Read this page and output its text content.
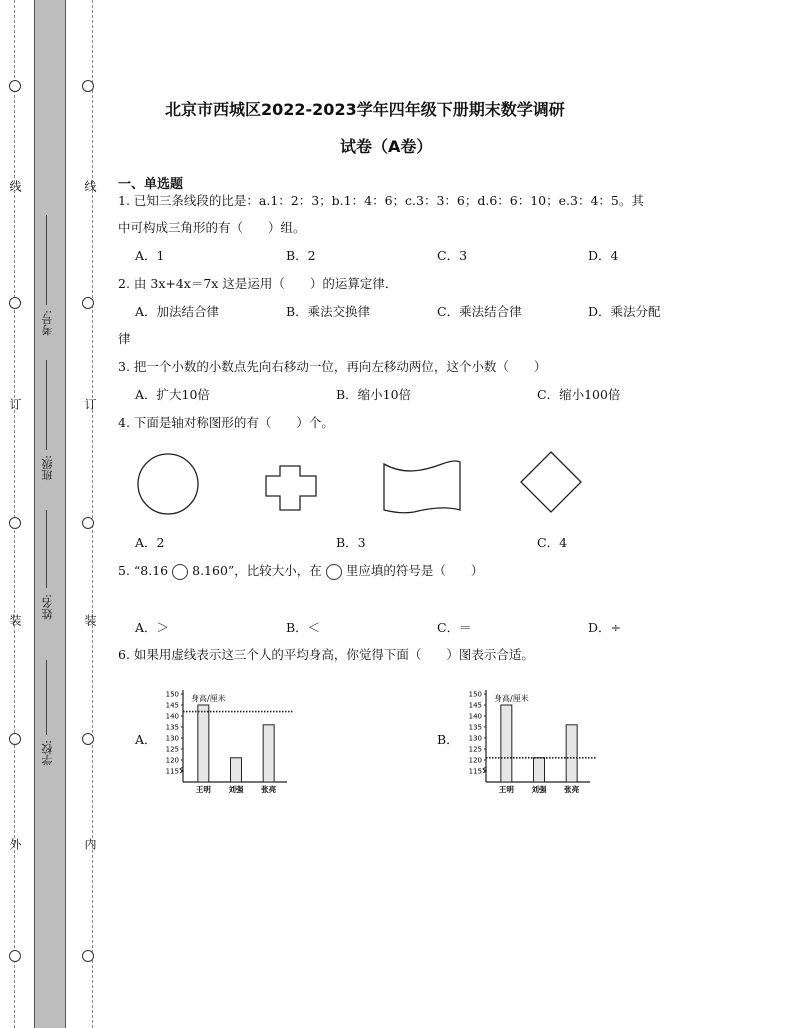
学校:
姓名:
班级:
考号:
线
订
装
外
线
订
装
内
北京市西城区2022-2023学年四年级下册期末数学调研
试卷（A卷）
一、单选题
1. 已知三条线段的比是：a.1：2：3；b.1：4：6；c.3：3：6；d.6：6：10；e.3：4：5。其
中可构成三角形的有（　　）组。
A．1	B．2	C．3	D．4
2. 由 3x+4x＝7x 这是运用（　　）的运算定律．
A．加法结合律	B．乘法交换律	C．乘法结合律	D．乘法分配
律
3. 把一个小数的小数点先向右移动一位，再向左移动两位，这个小数（　　）
A．扩大10倍	B．缩小10倍	C．缩小100倍
4. 下面是轴对称图形的有（　　）个。
A．2	B．3	C．4
5. “8.16 8.160”，比较大小，在 里应填的符号是（　　）
A．＞	B．＜	C．＝	D．÷
6. 如果用虚线表示这三个人的平均身高，你觉得下面（　　）图表示合适。
A．	B．
115
120
125
130
135
140
145
150 身高/厘米
王明 刘强 张亮
115
120
125
130
135
140
145
150 身高/厘米
王明 刘强 张亮
